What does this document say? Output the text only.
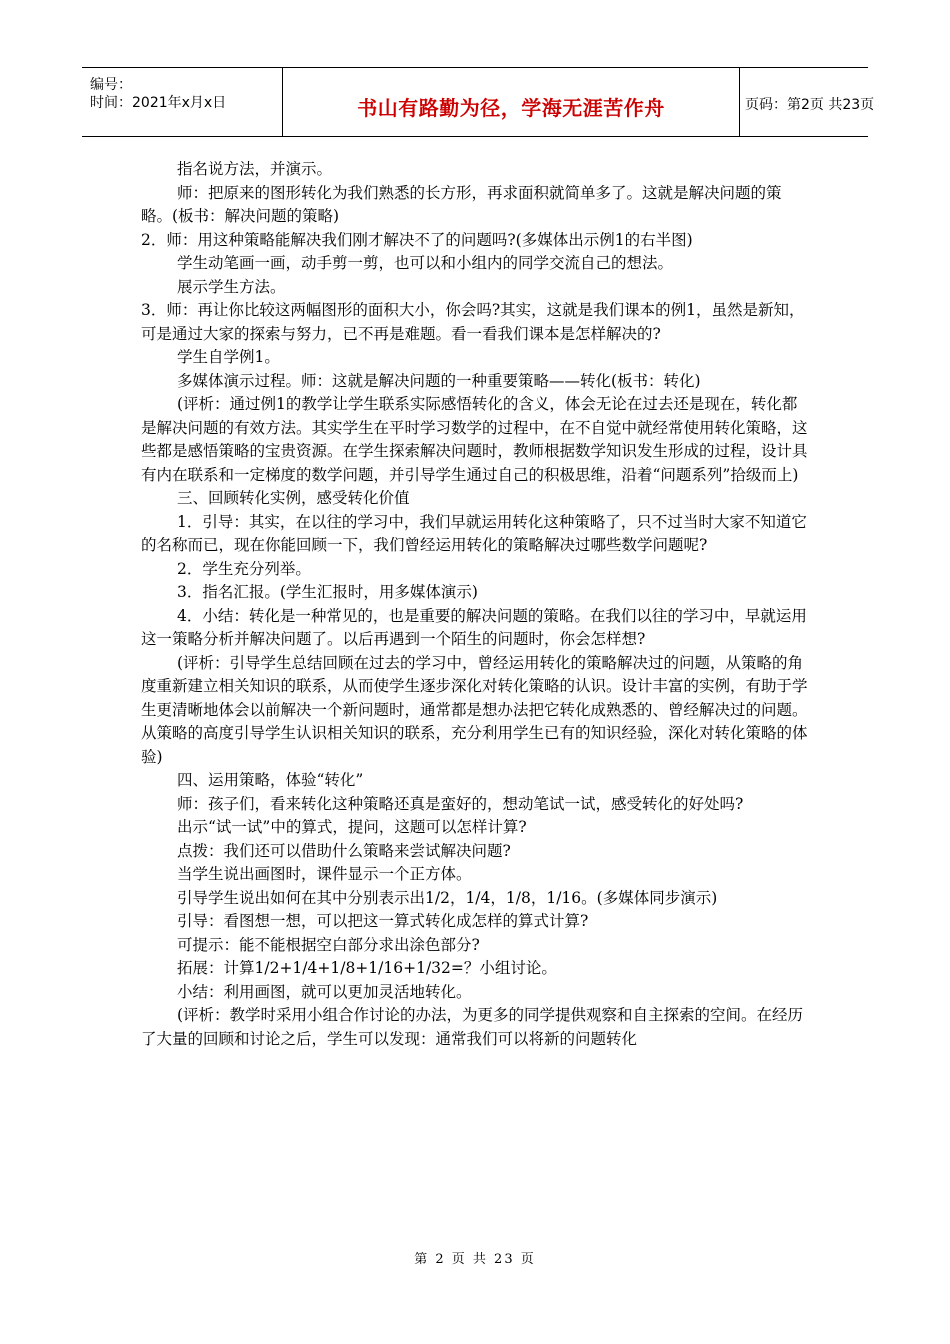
编号：
时间：2021年x月x日	书山有路勤为径，学海无涯苦作舟	页码：第2页 共23页

指名说方法，并演示。

师：把原来的图形转化为我们熟悉的长方形，再求面积就简单多了。这就是解决问题的策略。(板书：解决问题的策略)

2．师：用这种策略能解决我们刚才解决不了的问题吗?(多媒体出示例1的右半图)

学生动笔画一画，动手剪一剪，也可以和小组内的同学交流自己的想法。

展示学生方法。

3．师：再让你比较这两幅图形的面积大小，你会吗?其实，这就是我们课本的例1，虽然是新知，可是通过大家的探索与努力，已不再是难题。看一看我们课本是怎样解决的?

学生自学例1。

多媒体演示过程。师：这就是解决问题的一种重要策略——转化(板书：转化)

(评析：通过例1的教学让学生联系实际感悟转化的含义，体会无论在过去还是现在，转化都是解决问题的有效方法。其实学生在平时学习数学的过程中，在不自觉中就经常使用转化策略，这些都是感悟策略的宝贵资源。在学生探索解决问题时，教师根据数学知识发生形成的过程，设计具有内在联系和一定梯度的数学问题，并引导学生通过自己的积极思维，沿着“问题系列”拾级而上)

三、回顾转化实例，感受转化价值

1．引导：其实，在以往的学习中，我们早就运用转化这种策略了，只不过当时大家不知道它的名称而已，现在你能回顾一下，我们曾经运用转化的策略解决过哪些数学问题呢?

2．学生充分列举。

3．指名汇报。(学生汇报时，用多媒体演示)

4．小结：转化是一种常见的，也是重要的解决问题的策略。在我们以往的学习中，早就运用这一策略分析并解决问题了。以后再遇到一个陌生的问题时，你会怎样想?

(评析：引导学生总结回顾在过去的学习中，曾经运用转化的策略解决过的问题，从策略的角度重新建立相关知识的联系，从而使学生逐步深化对转化策略的认识。设计丰富的实例，有助于学生更清晰地体会以前解决一个新问题时，通常都是想办法把它转化成熟悉的、曾经解决过的问题。从策略的高度引导学生认识相关知识的联系，充分利用学生已有的知识经验，深化对转化策略的体验)

四、运用策略，体验“转化”

师：孩子们，看来转化这种策略还真是蛮好的，想动笔试一试，感受转化的好处吗?

出示“试一试”中的算式，提问，这题可以怎样计算?

点拨：我们还可以借助什么策略来尝试解决问题?

当学生说出画图时，课件显示一个正方体。

引导学生说出如何在其中分别表示出1/2，1/4，1/8，1/16。(多媒体同步演示)

引导：看图想一想，可以把这一算式转化成怎样的算式计算?

可提示：能不能根据空白部分求出涂色部分?

拓展：计算1/2+1/4+1/8+1/16+1/32=？小组讨论。

小结：利用画图，就可以更加灵活地转化。

(评析：教学时采用小组合作讨论的办法，为更多的同学提供观察和自主探索的空间。在经历了大量的回顾和讨论之后，学生可以发现：通常我们可以将新的问题转化

第 2 页 共 23 页
